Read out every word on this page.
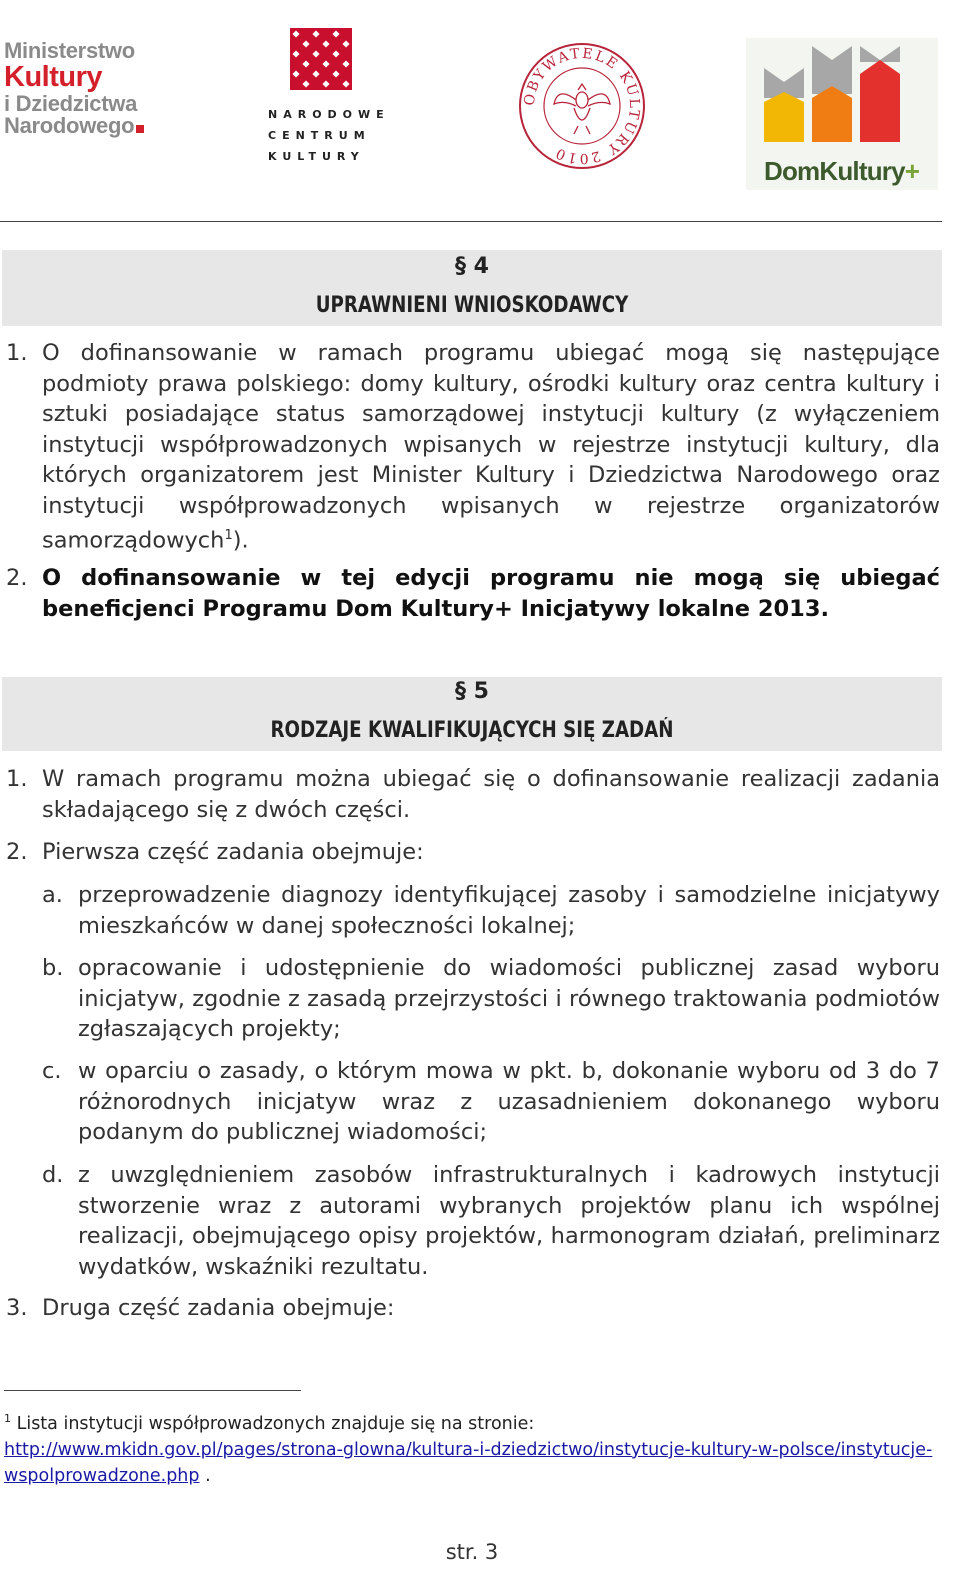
Ministerstwo
Kultury
i Dziedzictwa
Narodowego	NARODOWE
CENTRUM
KULTURY
OBYWATELE KULTURY 2010
DomKultury+
§ 4
UPRAWNIENI WNIOSKODAWCY
1. O dofinansowanie w ramach programu ubiegać mogą się następujące podmioty prawa polskiego: domy kultury, ośrodki kultury oraz centra kultury i sztuki posiadające status samorządowej instytucji kultury (z wyłączeniem instytucji współprowadzonych wpisanych w rejestrze instytucji kultury, dla których organizatorem jest Minister Kultury i Dziedzictwa Narodowego oraz instytucji współprowadzonych wpisanych w rejestrze organizatorów samorządowych$^1$).
2. O dofinansowanie w tej edycji programu nie mogą się ubiegać beneficjenci Programu Dom Kultury+ Inicjatywy lokalne 2013.
§ 5
RODZAJE KWALIFIKUJĄCYCH SIĘ ZADAŃ
1. W ramach programu można ubiegać się o dofinansowanie realizacji zadania składającego się z dwóch części.
2. Pierwsza część zadania obejmuje:
a. przeprowadzenie diagnozy identyfikującej zasoby i samodzielne inicjatywy mieszkańców w danej społeczności lokalnej;
b. opracowanie i udostępnienie do wiadomości publicznej zasad wyboru inicjatyw, zgodnie z zasadą przejrzystości i równego traktowania podmiotów zgłaszających projekty;
c. w oparciu o zasady, o którym mowa w pkt. b, dokonanie wyboru od 3 do 7 różnorodnych inicjatyw wraz z uzasadnieniem dokonanego wyboru podanym do publicznej wiadomości;
d. z uwzględnieniem zasobów infrastrukturalnych i kadrowych instytucji stworzenie wraz z autorami wybranych projektów planu ich wspólnej realizacji, obejmującego opisy projektów, harmonogram działań, preliminarz wydatków, wskaźniki rezultatu.
3. Druga część zadania obejmuje:
$^1$ Lista instytucji współprowadzonych znajduje się na stronie:
http://www.mkidn.gov.pl/pages/strona-glowna/kultura-i-dziedzictwo/instytucje-kultury-w-polsce/instytucje-wspolprowadzone.php .
str. 3
